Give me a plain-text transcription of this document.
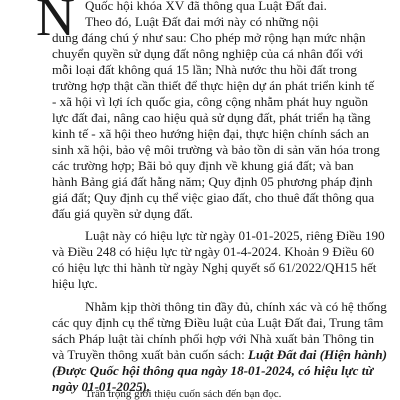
N Quốc hội khóa XV đã thông qua Luật Đất đai.
Theo đó, Luật Đất đai mới này có những nội
dung đáng chú ý như sau: Cho phép mở rộng hạn mức nhận
chuyển quyền sử dụng đất nông nghiệp của cá nhân đối với
mỗi loại đất không quá 15 lần; Nhà nước thu hồi đất trong
trường hợp thật cần thiết để thực hiện dự án phát triển kinh tế
- xã hội vì lợi ích quốc gia, công cộng nhằm phát huy nguồn
lực đất đai, nâng cao hiệu quả sử dụng đất, phát triển hạ tầng
kinh tế - xã hội theo hướng hiện đại, thực hiện chính sách an
sinh xã hội, bảo vệ môi trường và bảo tồn di sản văn hóa trong
các trường hợp; Bãi bỏ quy định về khung giá đất; và ban
hành Bảng giá đất hằng năm; Quy định 05 phương pháp định
giá đất; Quy định cụ thể việc giao đất, cho thuê đất thông qua
đấu giá quyền sử dụng đất.
Luật này có hiệu lực từ ngày 01-01-2025, riêng Điều 190
và Điều 248 có hiệu lực từ ngày 01-4-2024. Khoản 9 Điều 60
có hiệu lực thi hành từ ngày Nghị quyết số 61/2022/QH15 hết
hiệu lực.
Nhằm kịp thời thông tin đầy đủ, chính xác và có hệ thống
các quy định cụ thể từng Điều luật của Luật Đất đai, Trung tâm
sách Pháp luật tài chính phối hợp với Nhà xuất bản Thông tin
và Truyền thông xuất bản cuốn sách: Luật Đất đai (Hiện hành)
(Được Quốc hội thông qua ngày 18-01-2024, có hiệu lực từ
ngày 01-01-2025).
Trân trọng giới thiệu cuốn sách đến bạn đọc.
